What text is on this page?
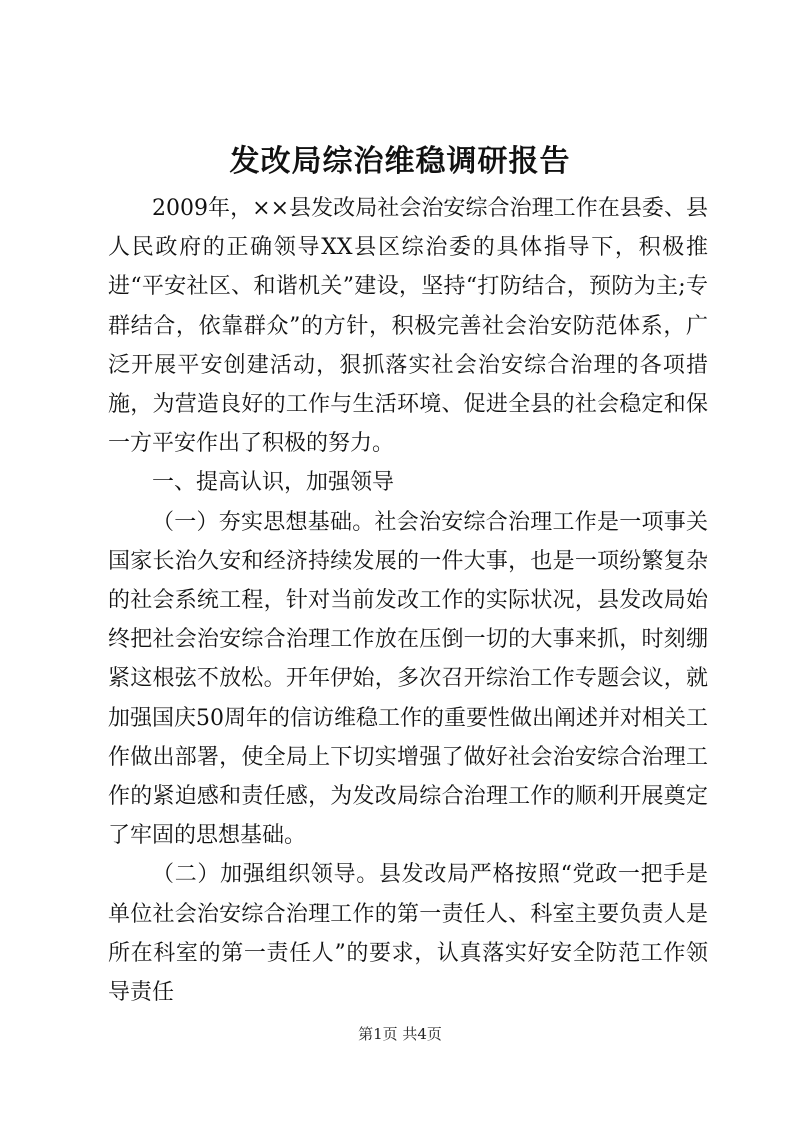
发改局综治维稳调研报告

2009年，××县发改局社会治安综合治理工作在县委、县人民政府的正确领导XX县区综治委的具体指导下，积极推进“平安社区、和谐机关”建设，坚持“打防结合，预防为主;专群结合，依靠群众”的方针，积极完善社会治安防范体系，广泛开展平安创建活动，狠抓落实社会治安综合治理的各项措施，为营造良好的工作与生活环境、促进全县的社会稳定和保一方平安作出了积极的努力。

一、提高认识，加强领导

（一）夯实思想基础。社会治安综合治理工作是一项事关国家长治久安和经济持续发展的一件大事，也是一项纷繁复杂的社会系统工程，针对当前发改工作的实际状况，县发改局始终把社会治安综合治理工作放在压倒一切的大事来抓，时刻绷紧这根弦不放松。开年伊始，多次召开综治工作专题会议，就加强国庆50周年的信访维稳工作的重要性做出阐述并对相关工作做出部署，使全局上下切实增强了做好社会治安综合治理工作的紧迫感和责任感，为发改局综合治理工作的顺利开展奠定了牢固的思想基础。

（二）加强组织领导。县发改局严格按照“党政一把手是单位社会治安综合治理工作的第一责任人、科室主要负责人是所在科室的第一责任人”的要求，认真落实好安全防范工作领导责任

第1页 共4页
